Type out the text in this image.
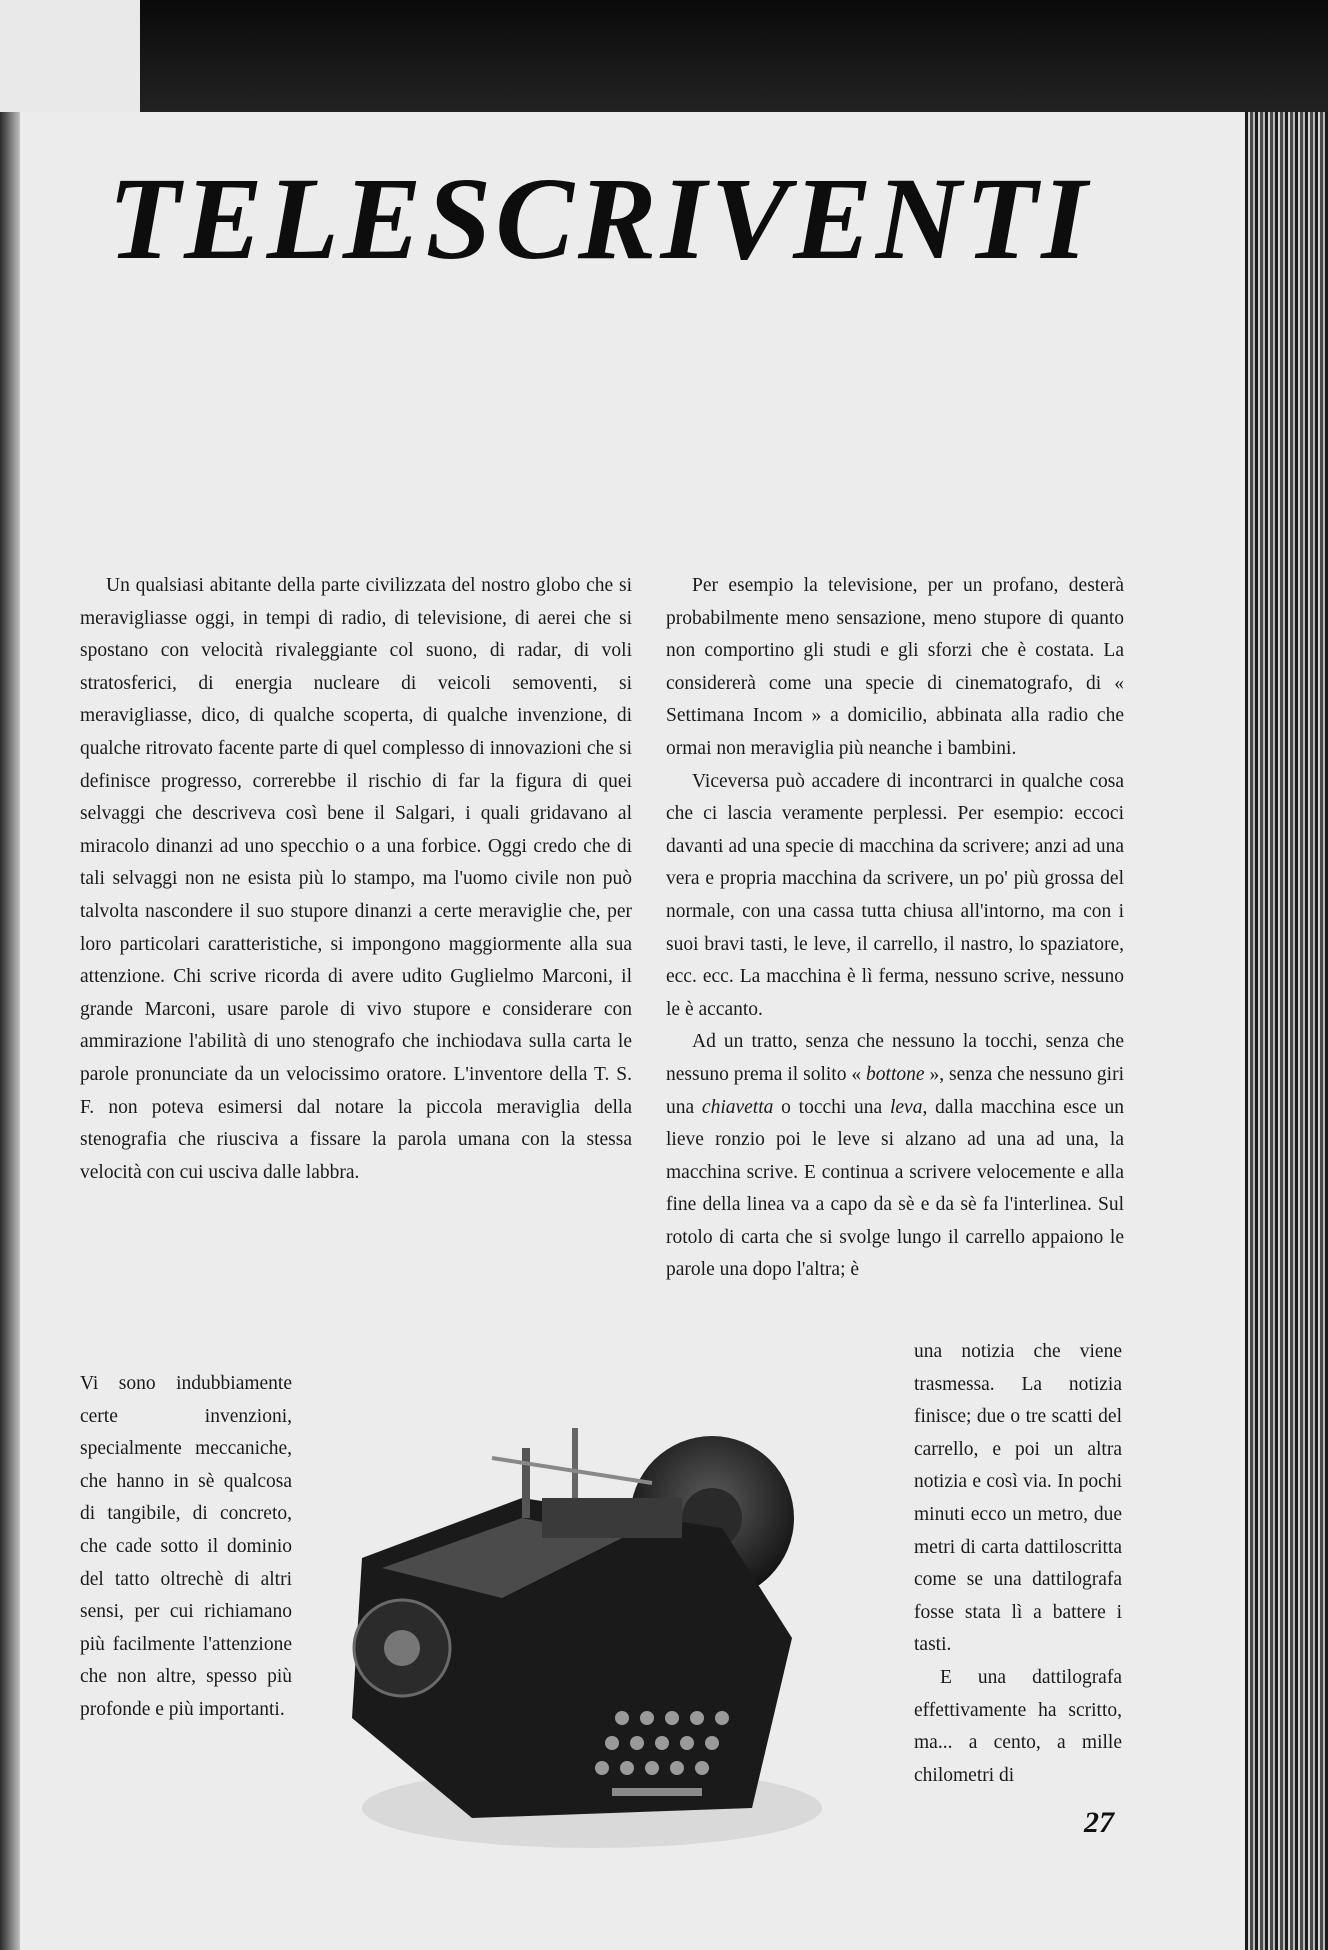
TELESCRIVENTI

Un qualsiasi abitante della parte civilizzata del nostro globo che si meravigliasse oggi, in tempi di radio, di televisione, di aerei che si spostano con velocità rivaleggiante col suono, di radar, di voli stratosferici, di energia nucleare di veicoli semoventi, si meravigliasse, dico, di qualche scoperta, di qualche invenzione, di qualche ritrovato facente parte di quel complesso di innovazioni che si definisce progresso, correrebbe il rischio di far la figura di quei selvaggi che descriveva così bene il Salgari, i quali gridavano al miracolo dinanzi ad uno specchio o a una forbice. Oggi credo che di tali selvaggi non ne esista più lo stampo, ma l'uomo civile non può talvolta nascondere il suo stupore dinanzi a certe meraviglie che, per loro particolari caratteristiche, si impongono maggiormente alla sua attenzione. Chi scrive ricorda di avere udito Guglielmo Marconi, il grande Marconi, usare parole di vivo stupore e considerare con ammirazione l'abilità di uno stenografo che inchiodava sulla carta le parole pronunciate da un velocissimo oratore. L'inventore della T. S. F. non poteva esimersi dal notare la piccola meraviglia della stenografia che riusciva a fissare la parola umana con la stessa velocità con cui usciva dalle labbra.

Vi sono indubbiamente certe invenzioni, specialmente meccaniche, che hanno in sè qualcosa di tangibile, di concreto, che cade sotto il dominio del tatto oltrechè di altri sensi, per cui richiamano più facilmente l'attenzione che non altre, spesso più profonde e più importanti.

Per esempio la televisione, per un profano, desterà probabilmente meno sensazione, meno stupore di quanto non comportino gli studi e gli sforzi che è costata. La considererà come una specie di cinematografo, di « Settimana Incom » a domicilio, abbinata alla radio che ormai non meraviglia più neanche i bambini.

Viceversa può accadere di incontrarci in qualche cosa che ci lascia veramente perplessi. Per esempio: eccoci davanti ad una specie di macchina da scrivere; anzi ad una vera e propria macchina da scrivere, un po' più grossa del normale, con una cassa tutta chiusa all'intorno, ma con i suoi bravi tasti, le leve, il carrello, il nastro, lo spaziatore, ecc. ecc. La macchina è lì ferma, nessuno scrive, nessuno le è accanto.

Ad un tratto, senza che nessuno la tocchi, senza che nessuno prema il solito « bottone », senza che nessuno giri una chiavetta o tocchi una leva, dalla macchina esce un lieve ronzio poi le leve si alzano ad una ad una, la macchina scrive. E continua a scrivere velocemente e alla fine della linea va a capo da sè e da sè fa l'interlinea. Sul rotolo di carta che si svolge lungo il carrello appaiono le parole una dopo l'altra; è

una notizia che viene trasmessa. La notizia finisce; due o tre scatti del carrello, e poi un altra notizia e così via. In pochi minuti ecco un metro, due metri di carta dattiloscritta come se una dattilografa fosse stata lì a battere i tasti.

E una dattilografa effettivamente ha scritto, ma... a cento, a mille chilometri di

27
